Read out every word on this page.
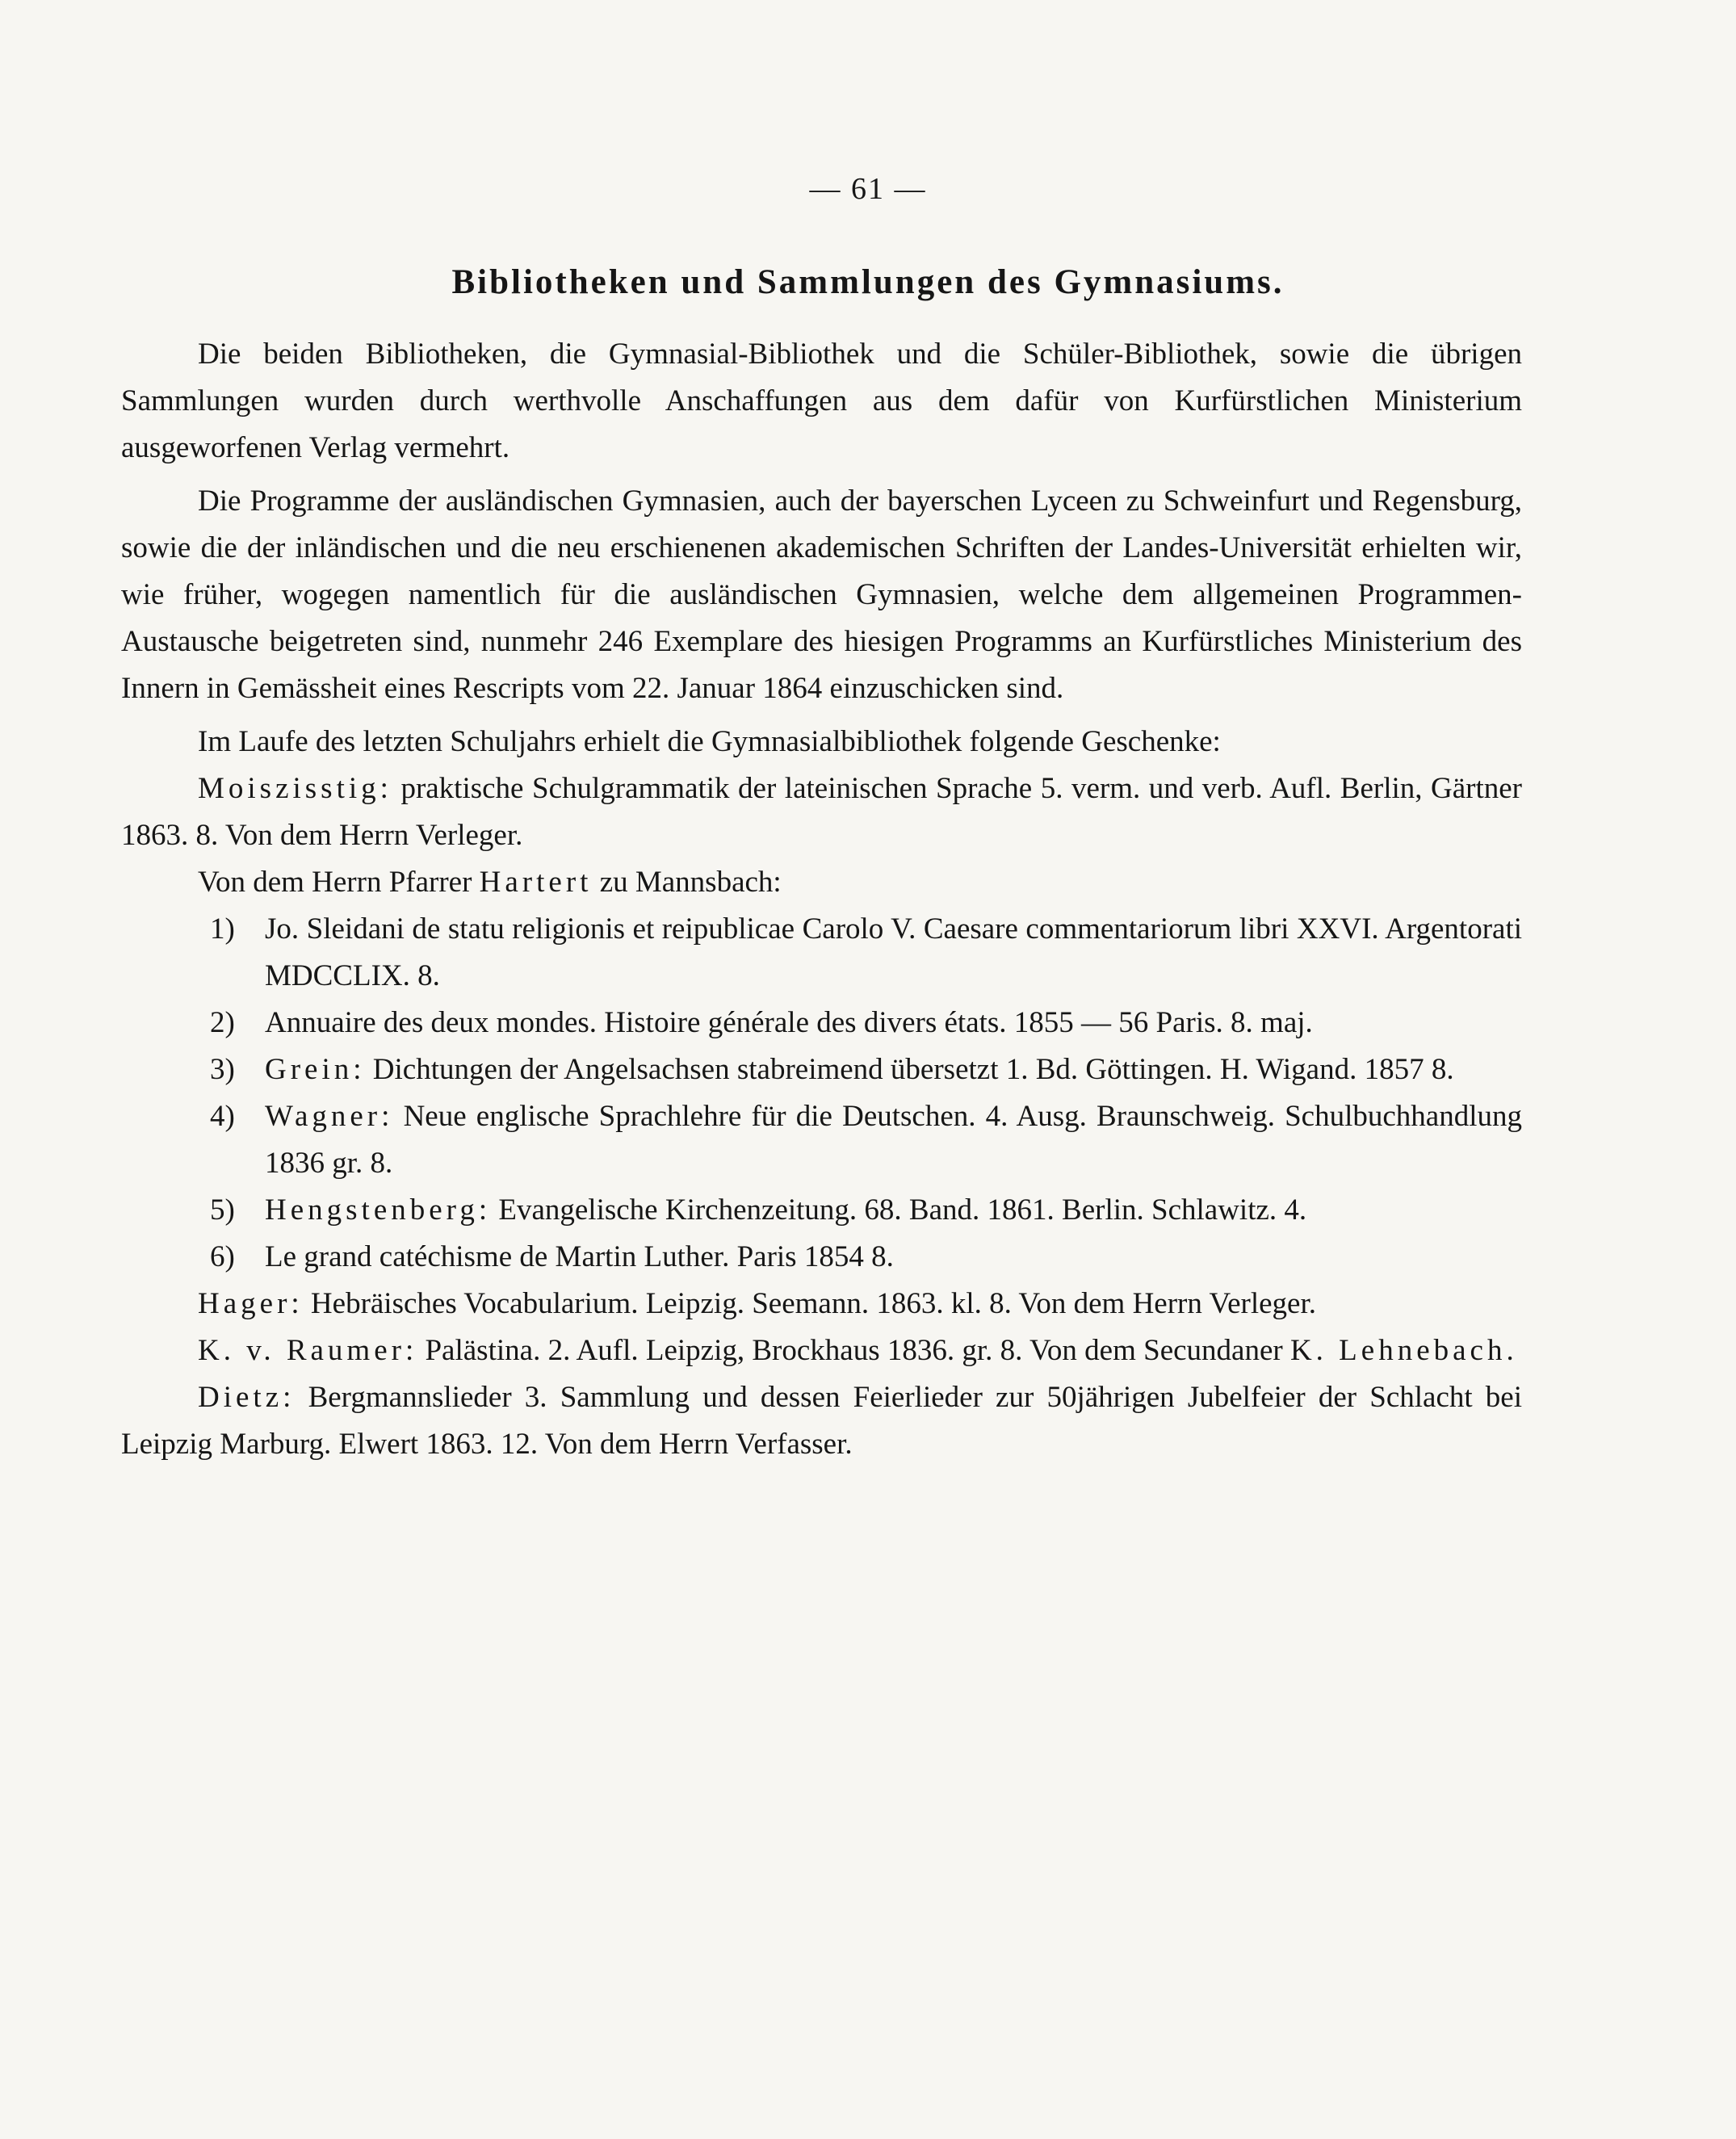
— 61 —
Bibliotheken und Sammlungen des Gymnasiums.
Die beiden Bibliotheken, die Gymnasial-Bibliothek und die Schüler-Bibliothek, sowie die übrigen Sammlungen wurden durch werthvolle Anschaffungen aus dem dafür von Kurfürstlichen Ministerium ausgeworfenen Verlag vermehrt.
Die Programme der ausländischen Gymnasien, auch der bayerschen Lyceen zu Schweinfurt und Regensburg, sowie die der inländischen und die neu erschienenen akademischen Schriften der Landes-Universität erhielten wir, wie früher, wogegen namentlich für die ausländischen Gymnasien, welche dem allgemeinen Programmen-Austausche beigetreten sind, nunmehr 246 Exemplare des hiesigen Programms an Kurfürstliches Ministerium des Innern in Gemässheit eines Rescripts vom 22. Januar 1864 einzuschicken sind.
Im Laufe des letzten Schuljahrs erhielt die Gymnasialbibliothek folgende Geschenke:
Moiszisstig: praktische Schulgrammatik der lateinischen Sprache 5. verm. und verb. Aufl. Berlin, Gärtner 1863. 8. Von dem Herrn Verleger.
Von dem Herrn Pfarrer Hartert zu Mannsbach:
1)	Jo. Sleidani de statu religionis et reipublicae Carolo V. Caesare commentariorum libri XXVI. Argentorati MDCCLIX. 8.
2)	Annuaire des deux mondes. Histoire générale des divers états. 1855 — 56 Paris. 8. maj.
3)	Grein: Dichtungen der Angelsachsen stabreimend übersetzt 1. Bd. Göttingen. H. Wigand. 1857 8.
4)	Wagner: Neue englische Sprachlehre für die Deutschen. 4. Ausg. Braunschweig. Schulbuchhandlung 1836 gr. 8.
5)	Hengstenberg: Evangelische Kirchenzeitung. 68. Band. 1861. Berlin. Schlawitz. 4.
6)	Le grand catéchisme de Martin Luther. Paris 1854 8.
Hager: Hebräisches Vocabularium. Leipzig. Seemann. 1863. kl. 8. Von dem Herrn Verleger.
K. v. Raumer: Palästina. 2. Aufl. Leipzig, Brockhaus 1836. gr. 8. Von dem Secundaner K. Lehnebach.
Dietz: Bergmannslieder 3. Sammlung und dessen Feierlieder zur 50jährigen Jubelfeier der Schlacht bei Leipzig Marburg. Elwert 1863. 12. Von dem Herrn Verfasser.
